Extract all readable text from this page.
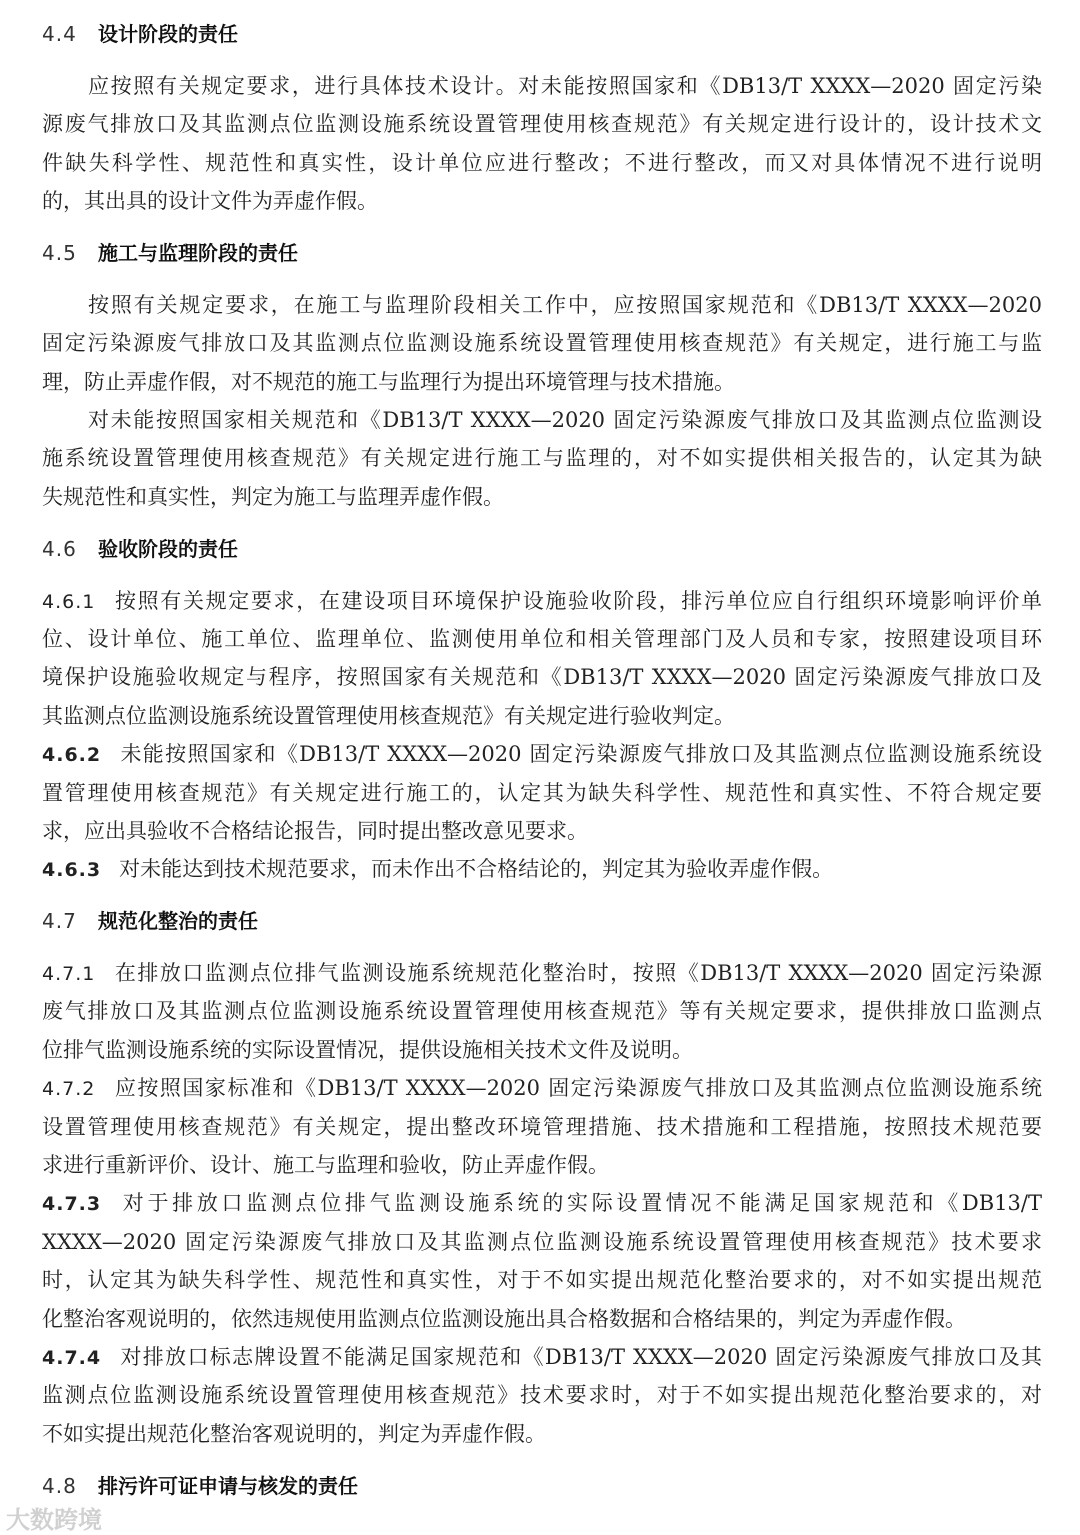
4.4 设计阶段的责任
应按照有关规定要求，进行具体技术设计。对未能按照国家和《DB13/T XXXX—2020 固定污染
源废气排放口及其监测点位监测设施系统设置管理使用核查规范》有关规定进行设计的，设计技术文
件缺失科学性、规范性和真实性，设计单位应进行整改；不进行整改，而又对具体情况不进行说明
的，其出具的设计文件为弄虚作假。
4.5 施工与监理阶段的责任
按照有关规定要求，在施工与监理阶段相关工作中，应按照国家规范和《DB13/T XXXX—2020
固定污染源废气排放口及其监测点位监测设施系统设置管理使用核查规范》有关规定，进行施工与监
理，防止弄虚作假，对不规范的施工与监理行为提出环境管理与技术措施。
对未能按照国家相关规范和《DB13/T XXXX—2020 固定污染源废气排放口及其监测点位监测设
施系统设置管理使用核查规范》有关规定进行施工与监理的，对不如实提供相关报告的，认定其为缺
失规范性和真实性，判定为施工与监理弄虚作假。
4.6 验收阶段的责任
4.6.1 按照有关规定要求，在建设项目环境保护设施验收阶段，排污单位应自行组织环境影响评价单
位、设计单位、施工单位、监理单位、监测使用单位和相关管理部门及人员和专家，按照建设项目环
境保护设施验收规定与程序，按照国家有关规范和《DB13/T XXXX—2020 固定污染源废气排放口及
其监测点位监测设施系统设置管理使用核查规范》有关规定进行验收判定。
4.6.2 未能按照国家和《DB13/T XXXX—2020 固定污染源废气排放口及其监测点位监测设施系统设
置管理使用核查规范》有关规定进行施工的，认定其为缺失科学性、规范性和真实性、不符合规定要
求，应出具验收不合格结论报告，同时提出整改意见要求。
4.6.3 对未能达到技术规范要求，而未作出不合格结论的，判定其为验收弄虚作假。
4.7 规范化整治的责任
4.7.1 在排放口监测点位排气监测设施系统规范化整治时，按照《DB13/T XXXX—2020 固定污染源
废气排放口及其监测点位监测设施系统设置管理使用核查规范》等有关规定要求，提供排放口监测点
位排气监测设施系统的实际设置情况，提供设施相关技术文件及说明。
4.7.2 应按照国家标准和《DB13/T XXXX—2020 固定污染源废气排放口及其监测点位监测设施系统
设置管理使用核查规范》有关规定，提出整改环境管理措施、技术措施和工程措施，按照技术规范要
求进行重新评价、设计、施工与监理和验收，防止弄虚作假。
4.7.3 对于排放口监测点位排气监测设施系统的实际设置情况不能满足国家规范和《DB13/T
XXXX—2020 固定污染源废气排放口及其监测点位监测设施系统设置管理使用核查规范》技术要求
时，认定其为缺失科学性、规范性和真实性，对于不如实提出规范化整治要求的，对不如实提出规范
化整治客观说明的，依然违规使用监测点位监测设施出具合格数据和合格结果的，判定为弄虚作假。
4.7.4 对排放口标志牌设置不能满足国家规范和《DB13/T XXXX—2020 固定污染源废气排放口及其
监测点位监测设施系统设置管理使用核查规范》技术要求时，对于不如实提出规范化整治要求的，对
不如实提出规范化整治客观说明的，判定为弄虚作假。
4.8 排污许可证申请与核发的责任
大数跨境
